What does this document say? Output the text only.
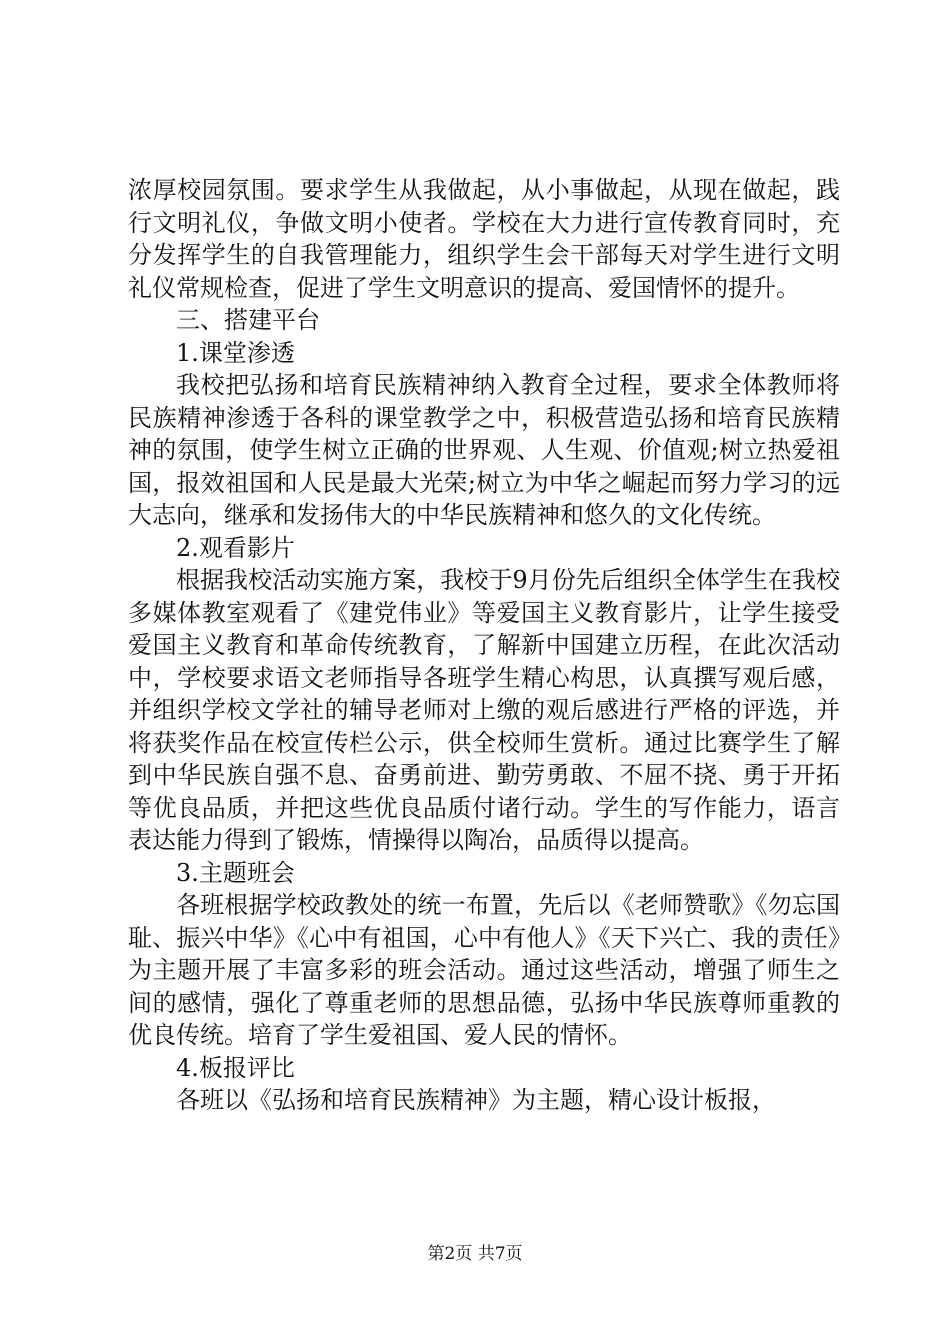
浓厚校园氛围。要求学生从我做起，从小事做起，从现在做起，践行文明礼仪，争做文明小使者。学校在大力进行宣传教育同时，充分发挥学生的自我管理能力，组织学生会干部每天对学生进行文明礼仪常规检查，促进了学生文明意识的提高、爱国情怀的提升。

三、搭建平台

1.课堂渗透

我校把弘扬和培育民族精神纳入教育全过程，要求全体教师将民族精神渗透于各科的课堂教学之中，积极营造弘扬和培育民族精神的氛围，使学生树立正确的世界观、人生观、价值观;树立热爱祖国，报效祖国和人民是最大光荣;树立为中华之崛起而努力学习的远大志向，继承和发扬伟大的中华民族精神和悠久的文化传统。

2.观看影片

根据我校活动实施方案，我校于9月份先后组织全体学生在我校多媒体教室观看了《建党伟业》等爱国主义教育影片，让学生接受爱国主义教育和革命传统教育，了解新中国建立历程，在此次活动中，学校要求语文老师指导各班学生精心构思，认真撰写观后感，并组织学校文学社的辅导老师对上缴的观后感进行严格的评选，并将获奖作品在校宣传栏公示，供全校师生赏析。通过比赛学生了解到中华民族自强不息、奋勇前进、勤劳勇敢、不屈不挠、勇于开拓等优良品质，并把这些优良品质付诸行动。学生的写作能力，语言表达能力得到了锻炼，情操得以陶冶，品质得以提高。

3.主题班会

各班根据学校政教处的统一布置，先后以《老师赞歌》《勿忘国耻、振兴中华》《心中有祖国，心中有他人》《天下兴亡、我的责任》为主题开展了丰富多彩的班会活动。通过这些活动，增强了师生之间的感情，强化了尊重老师的思想品德，弘扬中华民族尊师重教的优良传统。培育了学生爱祖国、爱人民的情怀。

4.板报评比

各班以《弘扬和培育民族精神》为主题，精心设计板报，

第2页 共7页
